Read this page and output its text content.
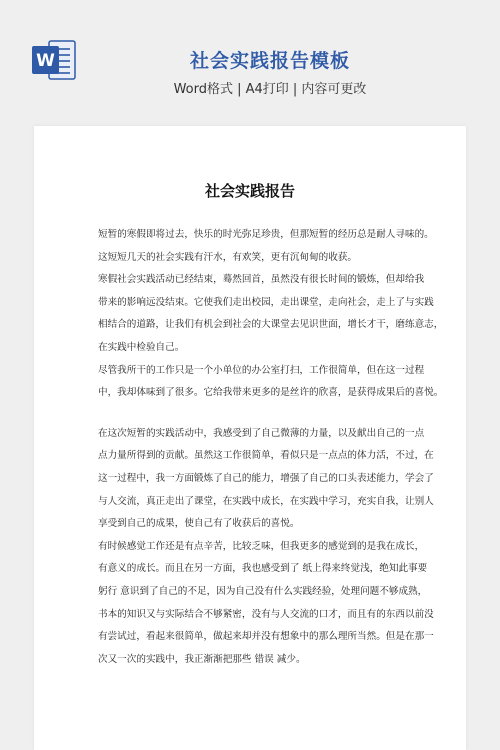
W	社会实践报告模板
Word格式 | A4打印 | 内容可更改
社会实践报告
短暂的寒假即将过去，快乐的时光弥足珍贵，但那短暂的经历总是耐人寻味的。
这短短几天的社会实践有汗水，有欢笑，更有沉甸甸的收获。
寒假社会实践活动已经结束，蓦然回首，虽然没有很长时间的锻炼，但却给我
带来的影响远没结束。它使我们走出校园，走出课堂，走向社会，走上了与实践
相结合的道路，让我们有机会到社会的大课堂去见识世面，增长才干，磨练意志，
在实践中检验自己。
尽管我所干的工作只是一个小单位的办公室打扫，工作很简单，但在这一过程
中，我却体味到了很多。它给我带来更多的是丝许的欣喜，是获得成果后的喜悦。
在这次短暂的实践活动中，我感受到了自己微薄的力量，以及献出自己的一点
点力量所得到的贡献。虽然这工作很简单，看似只是一点点的体力活，不过，在
这一过程中，我一方面锻炼了自己的能力，增强了自己的口头表述能力，学会了
与人交流，真正走出了课堂，在实践中成长，在实践中学习，充实自我，让别人
享受到自己的成果，使自己有了收获后的喜悦。
有时候感觉工作还是有点辛苦，比较乏味，但我更多的感觉到的是我在成长，
有意义的成长。而且在另一方面，我也感受到了 纸上得来终觉浅，绝知此事要
躬行 意识到了自己的不足，因为自己没有什么实践经验，处理问题不够成熟，
书本的知识又与实际结合不够紧密，没有与人交流的口才，而且有的东西以前没
有尝试过，看起来很简单，做起来却并没有想象中的那么理所当然。但是在那一
次又一次的实践中，我正渐渐把那些 错误 减少。
